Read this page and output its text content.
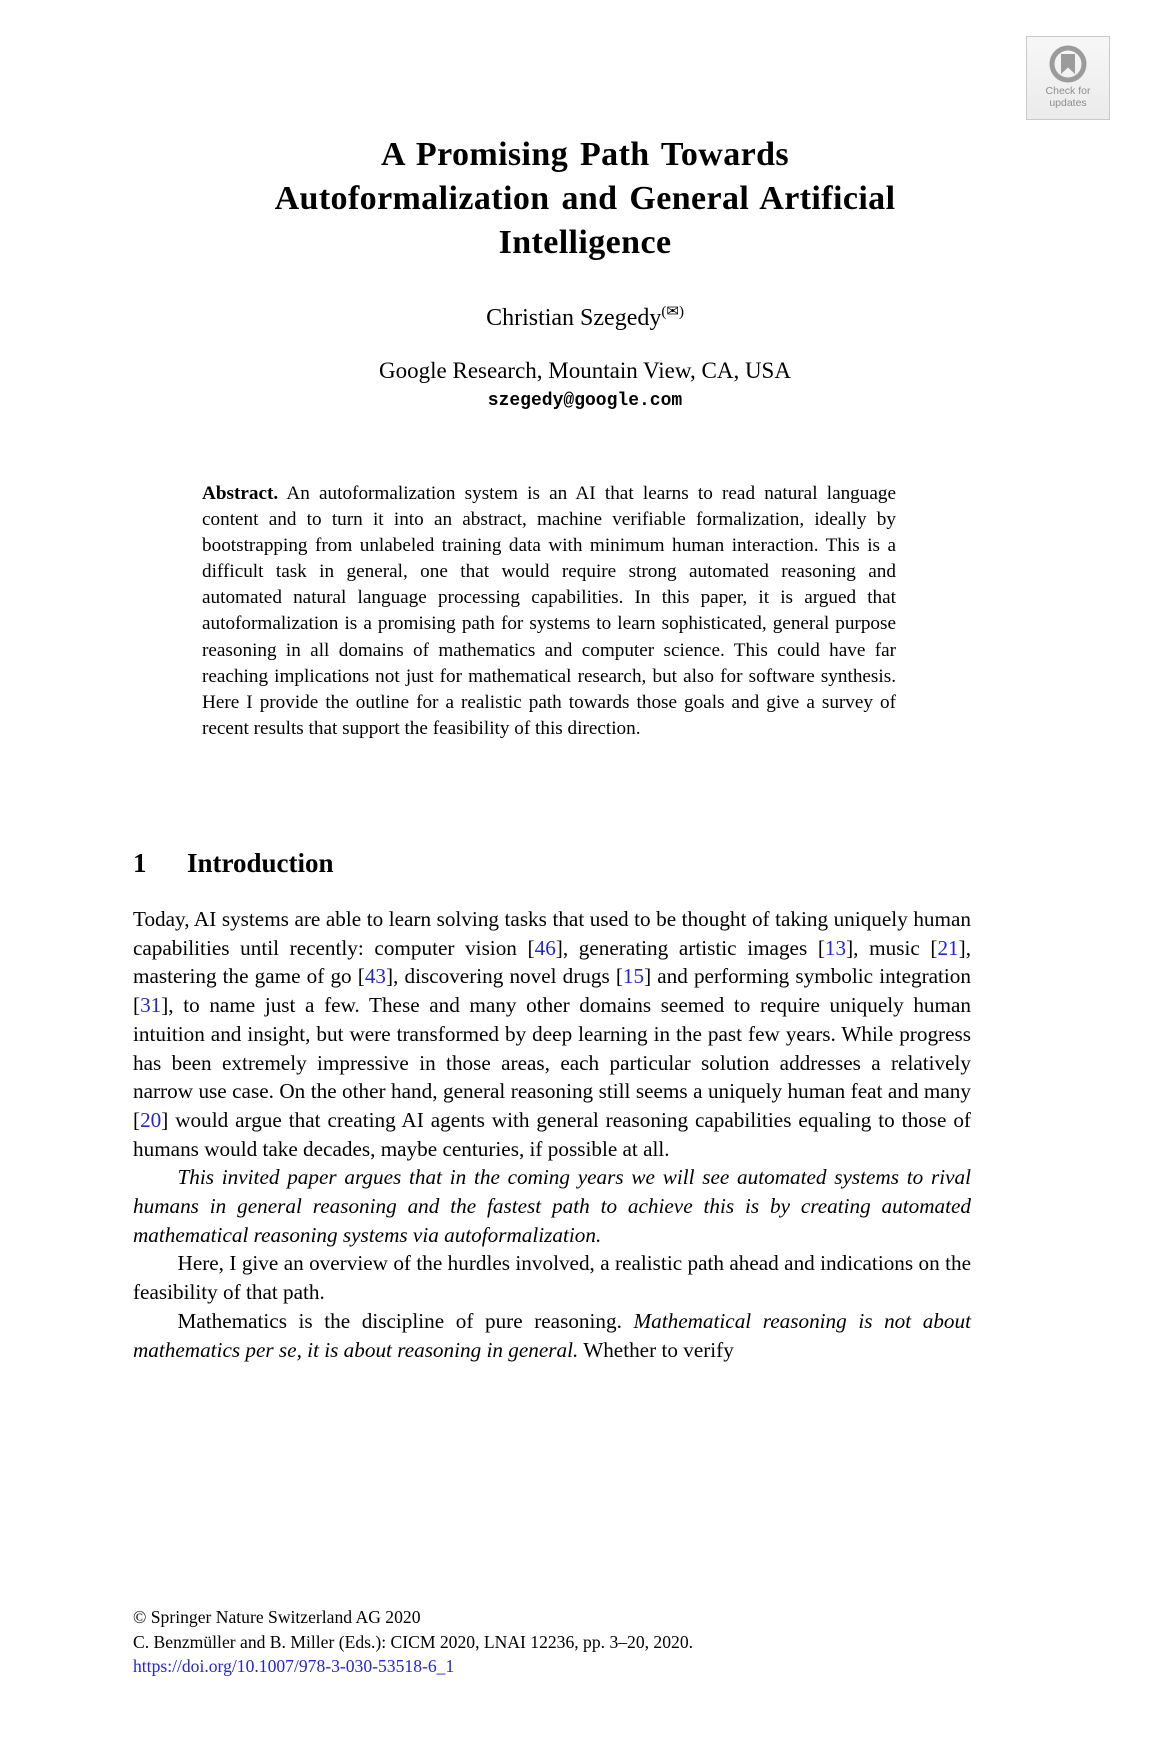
Check for
updates
A Promising Path Towards
Autoformalization and General Artificial
Intelligence
Christian Szegedy(✉)
Google Research, Mountain View, CA, USA
szegedy@google.com
Abstract. An autoformalization system is an AI that learns to read natural language content and to turn it into an abstract, machine verifiable formalization, ideally by bootstrapping from unlabeled training data with minimum human interaction. This is a difficult task in general, one that would require strong automated reasoning and automated natural language processing capabilities. In this paper, it is argued that autoformalization is a promising path for systems to learn sophisticated, general purpose reasoning in all domains of mathematics and computer science. This could have far reaching implications not just for mathematical research, but also for software synthesis. Here I provide the outline for a realistic path towards those goals and give a survey of recent results that support the feasibility of this direction.
1 Introduction

Today, AI systems are able to learn solving tasks that used to be thought of taking uniquely human capabilities until recently: computer vision [46], generating artistic images [13], music [21], mastering the game of go [43], discovering novel drugs [15] and performing symbolic integration [31], to name just a few. These and many other domains seemed to require uniquely human intuition and insight, but were transformed by deep learning in the past few years. While progress has been extremely impressive in those areas, each particular solution addresses a relatively narrow use case. On the other hand, general reasoning still seems a uniquely human feat and many [20] would argue that creating AI agents with general reasoning capabilities equaling to those of humans would take decades, maybe centuries, if possible at all.

This invited paper argues that in the coming years we will see automated systems to rival humans in general reasoning and the fastest path to achieve this is by creating automated mathematical reasoning systems via autoformalization.

Here, I give an overview of the hurdles involved, a realistic path ahead and indications on the feasibility of that path.

Mathematics is the discipline of pure reasoning. Mathematical reasoning is not about mathematics per se, it is about reasoning in general. Whether to verify

© Springer Nature Switzerland AG 2020
C. Benzmüller and B. Miller (Eds.): CICM 2020, LNAI 12236, pp. 3–20, 2020.
https://doi.org/10.1007/978-3-030-53518-6_1
